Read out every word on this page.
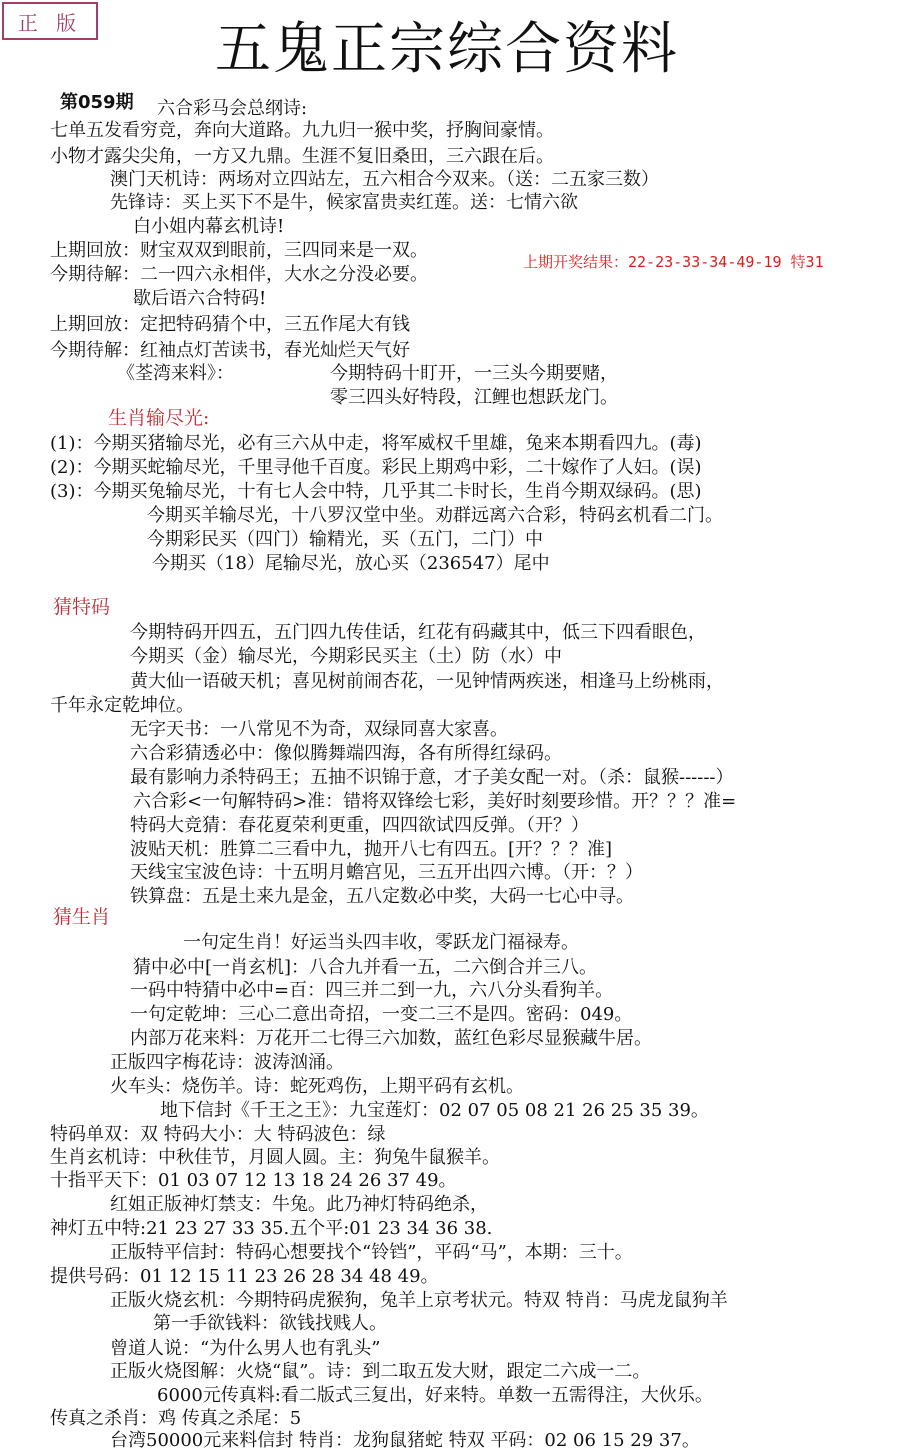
正 版 五鬼正宗综合资料
第059期
上期开奖结果：22-23-33-34-49-19 特31
生肖输尽光:
猜特码
猜生肖
六合彩马会总纲诗:
七单五发看穷竞，奔向大道路。九九归一猴中奖，抒胸间豪情。
小物才露尖尖角，一方又九鼎。生涯不复旧桑田，三六跟在后。
澳门天机诗：两场对立四站左，五六相合今双来。（送：二五家三数）
先锋诗：买上买下不是牛，候家富贵卖红莲。送：七情六欲
白小姐内幕玄机诗!
上期回放：财宝双双到眼前，三四同来是一双。
今期待解：二一四六永相伴，大水之分没必要。
歇后语六合特码!
上期回放：定把特码猜个中，三五作尾大有钱
今期待解：红袖点灯苦读书，春光灿烂天气好
《荃湾来料》：	今期特码十盯开，一三头今期要赌，
零三四头好特段，江鲤也想跃龙门。
(1)：今期买猪输尽光，必有三六从中走，将军威权千里雄，兔来本期看四九。(毒)
(2)：今期买蛇输尽光，千里寻他千百度。彩民上期鸡中彩，二十嫁作了人妇。(误)
(3)：今期买兔输尽光，十有七人会中特，几乎其二卡时长，生肖今期双绿码。(思)
今期买羊输尽光，十八罗汉堂中坐。劝群远离六合彩，特码玄机看二门。
今期彩民买（四门）输精光，买（五门，二门）中
今期买（18）尾输尽光，放心买（236547）尾中
今期特码开四五，五门四九传佳话，红花有码藏其中，低三下四看眼色，
今期买（金）输尽光，今期彩民买主（土）防（水）中
黄大仙一语破天机；喜见树前闹杏花，一见钟情两疾迷，相逢马上纷桃雨，
千年永定乾坤位。
无字天书：一八常见不为奇，双绿同喜大家喜。
六合彩猜透必中：像似腾舞端四海，各有所得红绿码。
最有影响力杀特码王；五抽不识锦于意，才子美女配一对。（杀：鼠猴------）
六合彩<一句解特码>准：错将双锋绘七彩，美好时刻要珍惜。开？？？准=
特码大竞猜：春花夏荣利更重，四四欲试四反弹。（开？）
波贴天机：胜算二三看中九，抛开八七有四五。[开？？？准]
天线宝宝波色诗：十五明月蟾宫见，三五开出四六博。（开：？）
铁算盘：五是土来九是金，五八定数必中奖，大码一七心中寻。
一句定生肖！好运当头四丰收，零跃龙门福禄寿。
猜中必中[一肖玄机]：八合九并看一五，二六倒合并三八。
一码中特猜中必中=百：四三并二到一九，六八分头看狗羊。
一句定乾坤：三心二意出奇招，一变二三不是四。密码：049。
内部万花来料：万花开二七得三六加数，蓝红色彩尽显猴藏牛居。
正版四字梅花诗：波涛汹涌。
火车头：烧伤羊。诗：蛇死鸡伤，上期平码有玄机。
地下信封《千王之王》：九宝莲灯：02 07 05 08 21 26 25 35 39。
特码单双：双 特码大小：大 特码波色：绿
生肖玄机诗：中秋佳节，月圆人圆。主：狗兔牛鼠猴羊。
十指平天下：01 03 07 12 13 18 24 26 37 49。
红姐正版神灯禁支：牛兔。此乃神灯特码绝杀，
神灯五中特:21 23 27 33 35.五个平:01 23 34 36 38.
正版特平信封：特码心想要找个“铃铛”，平码“马”，本期：三十。
提供号码：01 12 15 11 23 26 28 34 48 49。
正版火烧玄机：今期特码虎猴狗，兔羊上京考状元。特双 特肖：马虎龙鼠狗羊
第一手欲钱料：欲钱找贱人。
曾道人说：“为什么男人也有乳头”
正版火烧图解：火烧“鼠”。诗：到二取五发大财，跟定二六成一二。
6000元传真料:看二版式三复出，好来特。单数一五需得注，大伙乐。
传真之杀肖：鸡 传真之杀尾：5
台湾50000元来料信封 特肖：龙狗鼠猪蛇 特双 平码：02 06 15 29 37。
